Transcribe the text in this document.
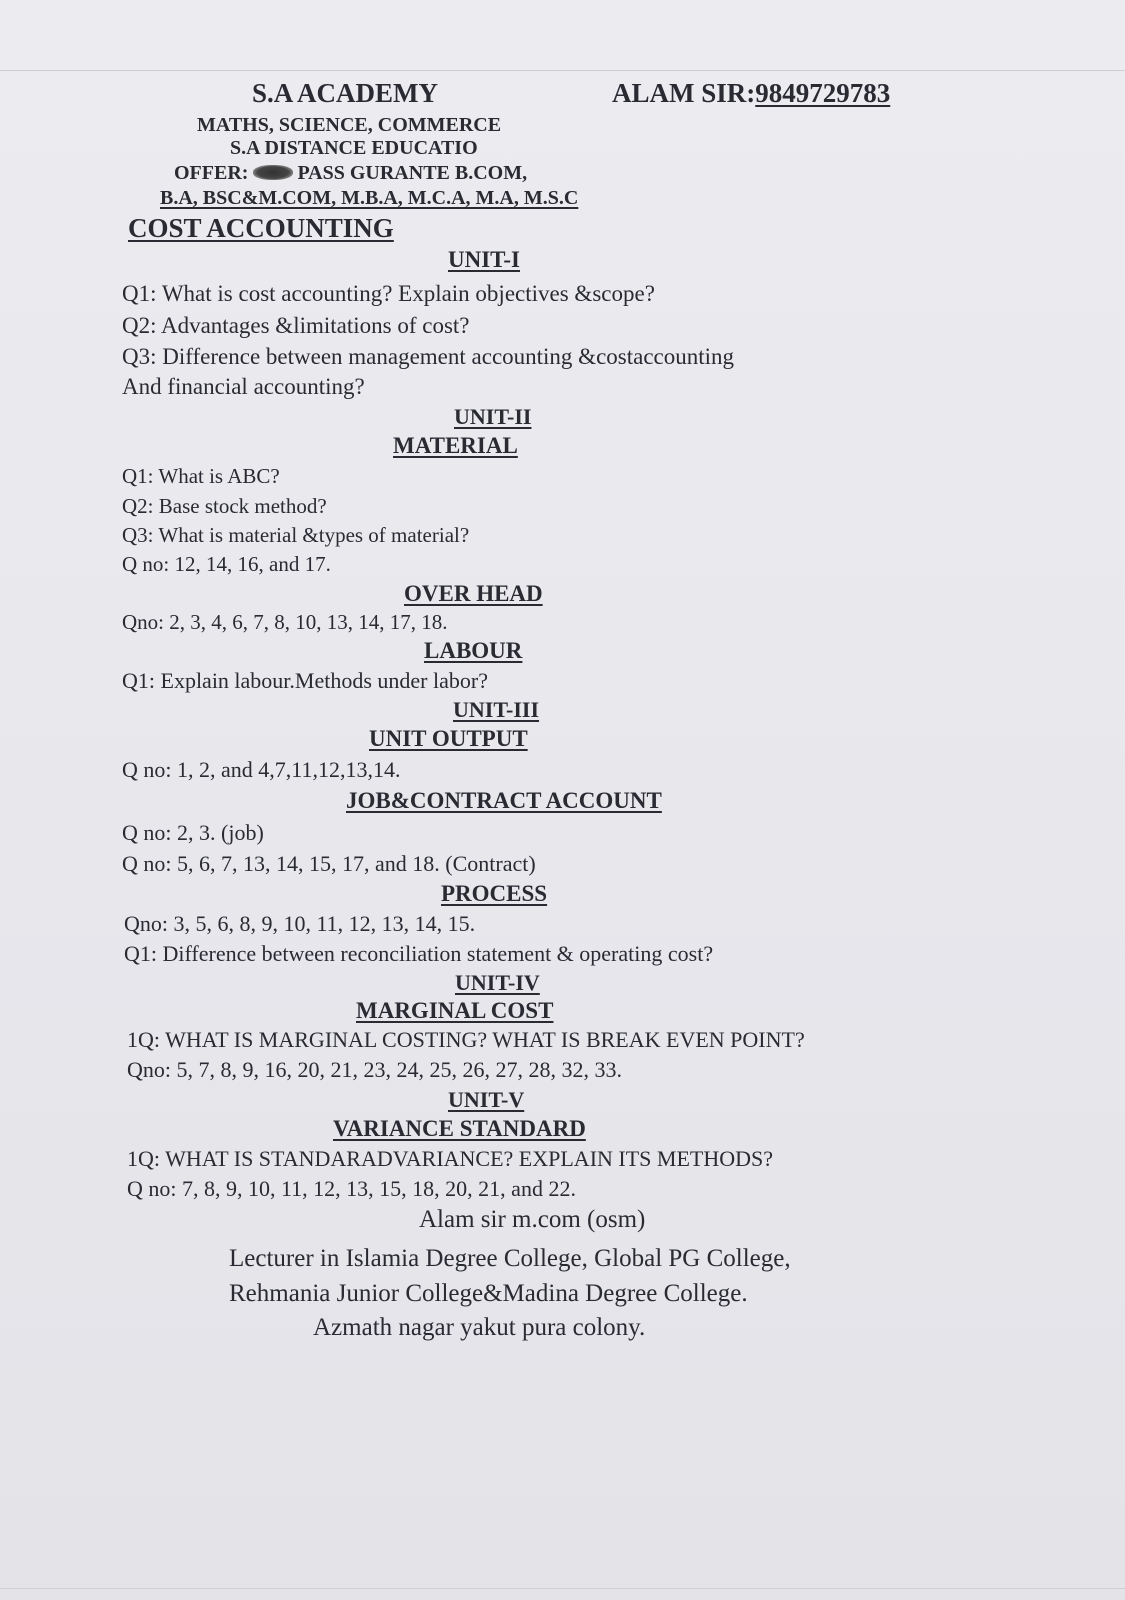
S.A ACADEMY	ALAM SIR:9849729783
MATHS, SCIENCE, COMMERCE
S.A DISTANCE EDUCATIO
OFFER: PASS GURANTE B.COM,
B.A, BSC&M.COM, M.B.A, M.C.A, M.A, M.S.C
COST ACCOUNTING
UNIT-I
Q1: What is cost accounting? Explain objectives &scope?
Q2: Advantages &limitations of cost?
Q3: Difference between management accounting &costaccounting
And financial accounting?
UNIT-II
MATERIAL
Q1: What is ABC?
Q2: Base stock method?
Q3: What is material &types of material?
Q no: 12, 14, 16, and 17.
OVER HEAD
Qno: 2, 3, 4, 6, 7, 8, 10, 13, 14, 17, 18.
LABOUR
Q1: Explain labour.Methods under labor?
UNIT-III
UNIT OUTPUT
Q no: 1, 2, and 4,7,11,12,13,14.
JOB&CONTRACT ACCOUNT
Q no: 2, 3. (job)
Q no: 5, 6, 7, 13, 14, 15, 17, and 18. (Contract)
PROCESS
Qno: 3, 5, 6, 8, 9, 10, 11, 12, 13, 14, 15.
Q1: Difference between reconciliation statement & operating cost?
UNIT-IV
MARGINAL COST
1Q: WHAT IS MARGINAL COSTING? WHAT IS BREAK EVEN POINT?
Qno: 5, 7, 8, 9, 16, 20, 21, 23, 24, 25, 26, 27, 28, 32, 33.
UNIT-V
VARIANCE STANDARD
1Q: WHAT IS STANDARADVARIANCE? EXPLAIN ITS METHODS?
Q no: 7, 8, 9, 10, 11, 12, 13, 15, 18, 20, 21, and 22.
Alam sir m.com (osm)
Lecturer in Islamia Degree College, Global PG College,
Rehmania Junior College&Madina Degree College.
Azmath nagar yakut pura colony.
